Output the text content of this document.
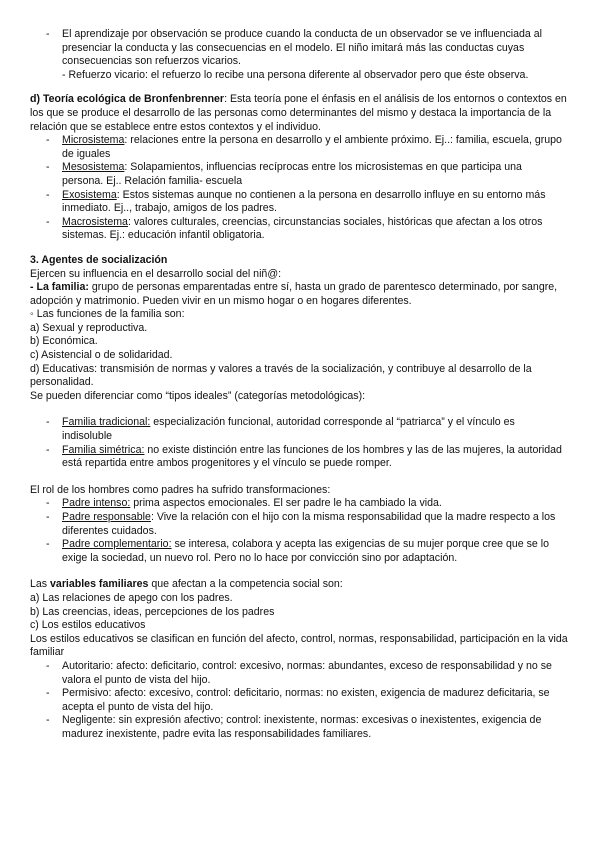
-	El aprendizaje por observación se produce cuando la conducta de un observador se ve influenciada al presenciar la conducta y las consecuencias en el modelo. El niño imitará más las conductas cuyas consecuencias son refuerzos vicarios.

- Refuerzo vicario: el refuerzo lo recibe una persona diferente al observador pero que éste observa.

d) Teoría ecológica de Bronfenbrenner: Esta teoría pone el énfasis en el análisis de los entornos o contextos en los que se produce el desarrollo de las personas como determinantes del mismo y destaca la importancia de la relación que se establece entre estos contextos y el individuo.

-	Microsistema: relaciones entre la persona en desarrollo y el ambiente próximo. Ej..: familia, escuela, grupo de iguales

-	Mesosistema: Solapamientos, influencias recíprocas entre los microsistemas en que participa una persona. Ej.. Relación familia- escuela

-	Exosistema: Estos sistemas aunque no contienen a la persona en desarrollo influye en su entorno más inmediato. Ej.., trabajo, amigos de los padres.

-	Macrosistema: valores culturales, creencias, circunstancias sociales, históricas que afectan a los otros sistemas. Ej.: educación infantil obligatoria.

3. Agentes de socialización

Ejercen su influencia en el desarrollo social del niñ@:

- La familia: grupo de personas emparentadas entre sí, hasta un grado de parentesco determinado, por sangre, adopción y matrimonio. Pueden vivir en un mismo hogar o en hogares diferentes.

◦ Las funciones de la familia son:

a) Sexual y reproductiva.

b) Económica.

c) Asistencial o de solidaridad.

d) Educativas: transmisión de normas y valores a través de la socialización, y contribuye al desarrollo de la personalidad.

Se pueden diferenciar como “tipos ideales” (categorías metodológicas):

-	Familia tradicional: especialización funcional, autoridad corresponde al “patriarca” y el vínculo es indisoluble

-	Familia simétrica: no existe distinción entre las funciones de los hombres y las de las mujeres, la autoridad está repartida entre ambos progenitores y el vínculo se puede romper.

El rol de los hombres como padres ha sufrido transformaciones:

-	Padre intenso: prima aspectos emocionales. El ser padre le ha cambiado la vida.

-	Padre responsable: Vive la relación con el hijo con la misma responsabilidad que la madre respecto a los diferentes cuidados.

-	Padre complementario: se interesa, colabora y acepta las exigencias de su mujer porque cree que se lo exige la sociedad, un nuevo rol. Pero no lo hace por convicción sino por adaptación.

Las variables familiares que afectan a la competencia social son:

a) Las relaciones de apego con los padres.

b) Las creencias, ideas, percepciones de los padres

c) Los estilos educativos

Los estilos educativos se clasifican en función del afecto, control, normas, responsabilidad, participación en la vida familiar

-	Autoritario: afecto: deficitario, control: excesivo, normas: abundantes, exceso de responsabilidad y no se valora el punto de vista del hijo.

-	Permisivo: afecto: excesivo, control: deficitario, normas: no existen, exigencia de madurez deficitaria, se acepta el punto de vista del hijo.

-	Negligente: sin expresión afectivo; control: inexistente, normas: excesivas o inexistentes, exigencia de madurez inexistente, padre evita las responsabilidades familiares.
